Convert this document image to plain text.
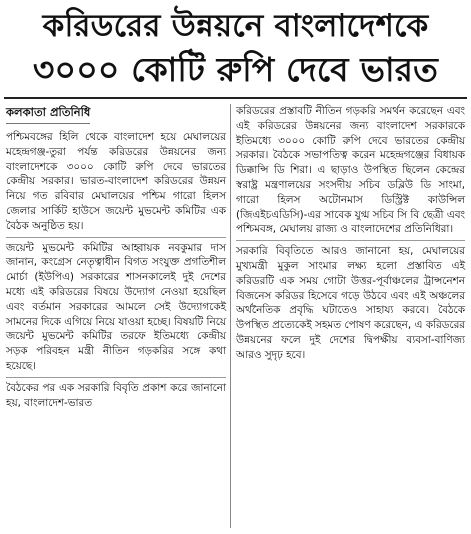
করিডরের উন্নয়নে বাংলাদেশকে
৩০০০ কোটি রুপি দেবে ভারত
কলকাতা প্রতিনিধি

পশ্চিমবঙ্গের হিলি থেকে বাংলাদেশ হয়ে মেঘালয়ের মহেন্দ্রগঞ্জ-তুরা পর্যন্ত করিডরের উন্নয়নের জন্য বাংলাদেশকে ৩০০০ কোটি রুপি দেবে ভারতের কেন্দ্রীয় সরকার। ভারত-বাংলাদেশ করিডরের উন্নয়ন নিয়ে গত রবিবার মেঘালয়ের পশ্চিম গারো হিলস জেলার সার্কিট হাউসে জয়েন্ট মুভমেন্ট কমিটির এক বৈঠক অনুষ্ঠিত হয়।

জয়েন্ট মুভমেন্ট কমিটির আহ্বায়ক নবকুমার দাস জানান, কংগ্রেস নেতৃত্বাধীন বিগত সংযুক্ত প্রগতিশীল মোর্চা (ইউপিএ) সরকারের শাসনকালেই দুই দেশের মধ্যে এই করিডরের বিষয়ে উদ্যোগ নেওয়া হয়েছিল এবং বর্তমান সরকারের আমলে সেই উদ্যোগকেই সামনের দিকে এগিয়ে নিয়ে যাওয়া হচ্ছে। বিষয়টি নিয়ে জয়েন্ট মুভমেন্ট কমিটির তরফে ইতিমধ্যে কেন্দ্রীয় সড়ক পরিবহন মন্ত্রী নীতিন গড়করির সঙ্গে কথা হয়েছে।

বৈঠকের পর এক সরকারি বিবৃতি প্রকাশ করে জানানো হয়, বাংলাদেশ-ভারত

করিডরের প্রস্তাবটি নীতিন গড়করি সমর্থন করেছেন এবং এই করিডরের উন্নয়নের জন্য বাংলাদেশ সরকারকে ইতিমধ্যে ৩০০০ কোটি রুপি দেবে ভারতের কেন্দ্রীয় সরকার। বৈঠকে সভাপতিত্ব করেন মহেন্দ্রগঞ্জের বিধায়ক ডিক্কান্সি ডি শিরা। এ ছাড়াও উপস্থিত ছিলেন কেন্দ্রের স্বরাষ্ট্র মন্ত্রণালয়ের সংসদীয় সচিব ডব্লিউ ডি সাংমা, গারো হিলস অটোনমাস ডিস্ট্রিক্ট কাউন্সিল (জিএইচএডিসি)-এর সাবেক যুগ্ম সচিব সি বি ছেত্রী এবং পশ্চিমবঙ্গ, মেঘালয় রাজ্য ও বাংলাদেশের প্রতিনিধিরা।

সরকারি বিবৃতিতে আরও জানানো হয়, মেঘালয়ের মুখ্যমন্ত্রী মুকুল সাংমার লক্ষ্য হলো প্রস্তাবিত এই করিডরটি এক সময় গোটা উত্তর-পূর্বাঞ্চলের ট্রান্সনেশন বিজনেস করিডর হিসেবে গড়ে উঠবে এবং এই অঞ্চলের অর্থনৈতিক প্রবৃদ্ধি ঘটাতেও সাহায্য করবে। বৈঠকে উপস্থিত প্রত্যেকেই সহমত পোষণ করেছেন, এ করিডরের উন্নয়নের ফলে দুই দেশের দ্বিপক্ষীয় ব্যবসা-বাণিজ্য আরও সুদৃঢ় হবে।
